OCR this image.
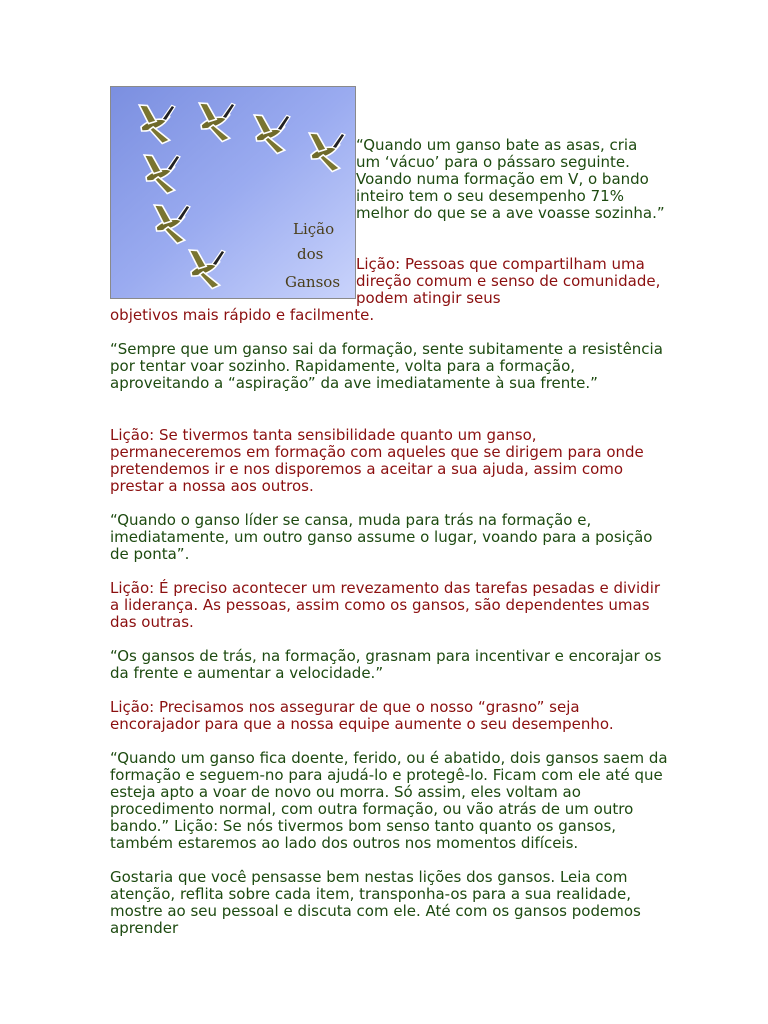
Lição
dos
Gansos

“Quando um ganso bate as asas, cria um ‘vácuo’ para o pássaro seguinte. Voando numa formação em V, o bando inteiro tem o seu desempenho 71% melhor do que se a ave voasse sozinha.”

Lição: Pessoas que compartilham uma direção comum e senso de comunidade, podem atingir seus

objetivos mais rápido e facilmente.

“Sempre que um ganso sai da formação, sente subitamente a resistência por tentar voar sozinho. Rapidamente, volta para a formação, aproveitando a “aspiração” da ave imediatamente à sua frente.”

Lição: Se tivermos tanta sensibilidade quanto um ganso, permaneceremos em formação com aqueles que se dirigem para onde pretendemos ir e nos disporemos a aceitar a sua ajuda, assim como prestar a nossa aos outros.

“Quando o ganso líder se cansa, muda para trás na formação e, imediatamente, um outro ganso assume o lugar, voando para a posição de ponta”.

Lição: É preciso acontecer um revezamento das tarefas pesadas e dividir a liderança. As pessoas, assim como os gansos, são dependentes umas das outras.

“Os gansos de trás, na formação, grasnam para incentivar e encorajar os da frente e aumentar a velocidade.”

Lição: Precisamos nos assegurar de que o nosso “grasno” seja encorajador para que a nossa equipe aumente o seu desempenho.

“Quando um ganso fica doente, ferido, ou é abatido, dois gansos saem da formação e seguem-no para ajudá-lo e protegê-lo. Ficam com ele até que esteja apto a voar de novo ou morra. Só assim, eles voltam ao procedimento normal, com outra formação, ou vão atrás de um outro bando.” Lição: Se nós tivermos bom senso tanto quanto os gansos, também estaremos ao lado dos outros nos momentos difíceis.

Gostaria que você pensasse bem nestas lições dos gansos. Leia com atenção, reflita sobre cada item, transponha-os para a sua realidade, mostre ao seu pessoal e discuta com ele. Até com os gansos podemos aprender
